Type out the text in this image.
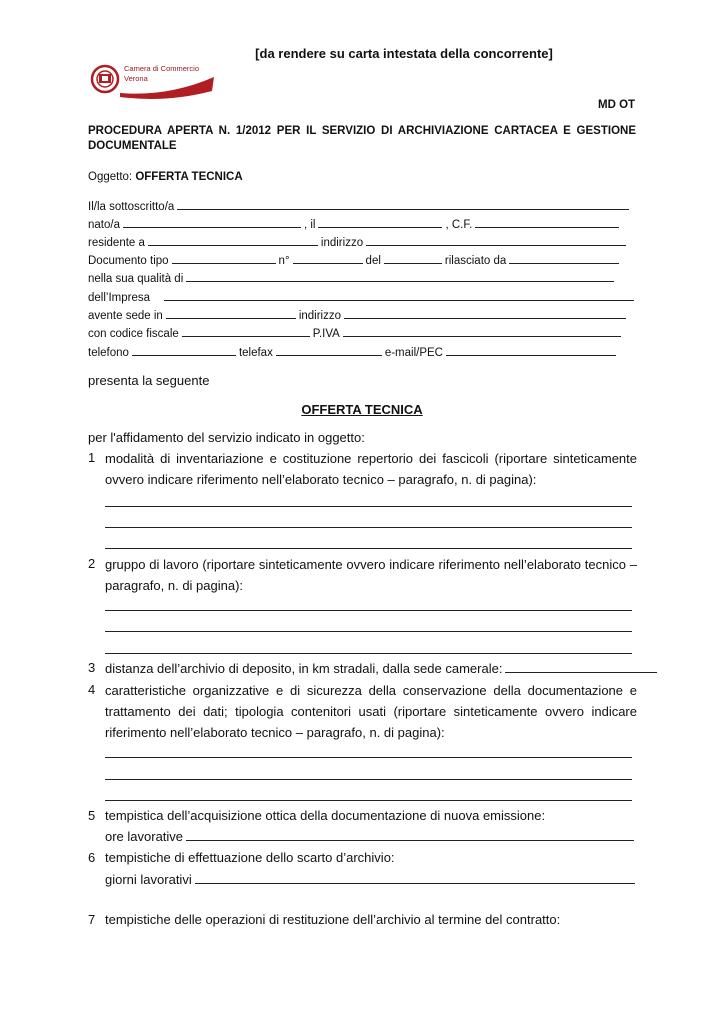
[da rendere su carta intestata della concorrente]
Camera di Commercio
Verona
MD OT
PROCEDURA APERTA N. 1/2012 PER IL SERVIZIO DI ARCHIVIAZIONE CARTACEA E GESTIONE DOCUMENTALE
Oggetto: OFFERTA TECNICA
Il/la sottoscritto/a
nato/a	, il	, C.F.
residente a	indirizzo
Documento tipo	n°	del	rilasciato da
nella sua qualità di
dell’Impresa
avente sede in	indirizzo
con codice fiscale	P.IVA
telefono	telefax	e-mail/PEC
presenta la seguente
OFFERTA TECNICA
per l'affidamento del servizio indicato in oggetto:
1 modalità di inventariazione e costituzione repertorio dei fascicoli (riportare sinteticamente ovvero indicare riferimento nell’elaborato tecnico – paragrafo, n. di pagina):
2 gruppo di lavoro (riportare sinteticamente ovvero indicare riferimento nell’elaborato tecnico – paragrafo, n. di pagina):
3 distanza dell’archivio di deposito, in km stradali, dalla sede camerale:
4 caratteristiche organizzative e di sicurezza della conservazione della documentazione e trattamento dei dati; tipologia contenitori usati (riportare sinteticamente ovvero indicare riferimento nell’elaborato tecnico – paragrafo, n. di pagina):
5 tempistica dell’acquisizione ottica della documentazione di nuova emissione:
ore lavorative
6 tempistiche di effettuazione dello scarto d’archivio:
giorni lavorativi
7 tempistiche delle operazioni di restituzione dell’archivio al termine del contratto:
